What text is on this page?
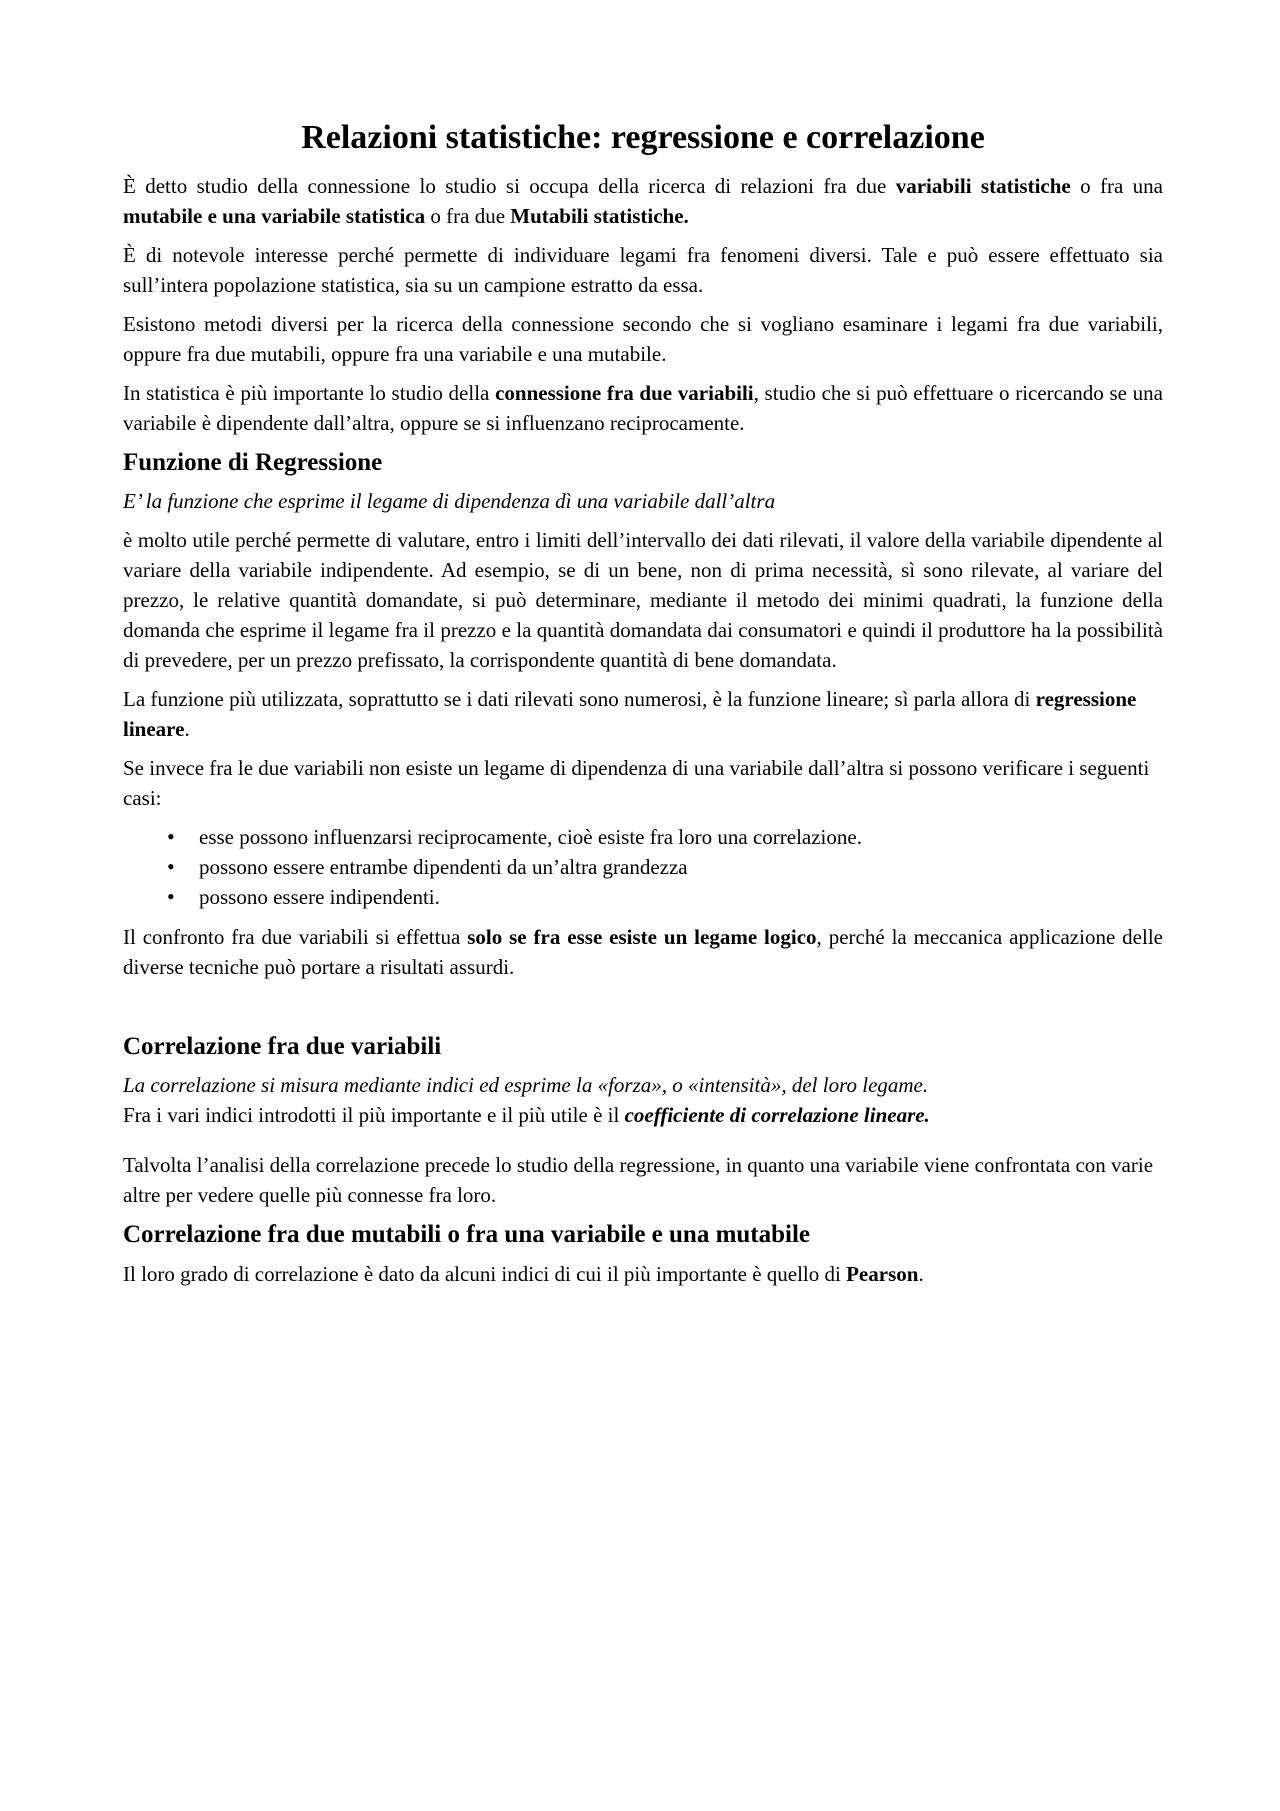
Relazioni statistiche: regressione e correlazione

È detto studio della connessione lo studio si occupa della ricerca di relazioni fra due variabili statistiche o fra una mutabile e una variabile statistica o fra due Mutabili statistiche.

È di notevole interesse perché permette di individuare legami fra fenomeni diversi. Tale e può essere effettuato sia sull’intera popolazione statistica, sia su un campione estratto da essa.

Esistono metodi diversi per la ricerca della connessione secondo che si vogliano esaminare i legami fra due variabili, oppure fra due mutabili, oppure fra una variabile e una mutabile.

In statistica è più importante lo studio della connessione fra due variabili, studio che si può effettuare o ricercando se una variabile è dipendente dall’altra, oppure se si influenzano reciprocamente.

Funzione di Regressione

E’ la funzione che esprime il legame di dipendenza dì una variabile dall’altra

è molto utile perché permette di valutare, entro i limiti dell’intervallo dei dati rilevati, il valore della variabile dipendente al variare della variabile indipendente. Ad esempio, se di un bene, non di prima necessità, sì sono rilevate, al variare del prezzo, le relative quantità domandate, si può determinare, mediante il metodo dei minimi quadrati, la funzione della domanda che esprime il legame fra il prezzo e la quantità domandata dai consumatori e quindi il produttore ha la possibilità di prevedere, per un prezzo prefissato, la corrispondente quantità di bene domandata.

La funzione più utilizzata, soprattutto se i dati rilevati sono numerosi, è la funzione lineare; sì parla allora di regressione lineare.

Se invece fra le due variabili non esiste un legame di dipendenza di una variabile dall’altra si possono verificare i seguenti casi:

• esse possono influenzarsi reciprocamente, cioè esiste fra loro una correlazione.
• possono essere entrambe dipendenti da un’altra grandezza
• possono essere indipendenti.

Il confronto fra due variabili si effettua solo se fra esse esiste un legame logico, perché la meccanica applicazione delle diverse tecniche può portare a risultati assurdi.

Correlazione fra due variabili

La correlazione si misura mediante indici ed esprime la «forza», o «intensità», del loro legame.
Fra i vari indici introdotti il più importante e il più utile è il coefficiente di correlazione lineare.

Talvolta l’analisi della correlazione precede lo studio della regressione, in quanto una variabile viene confrontata con varie altre per vedere quelle più connesse fra loro.

Correlazione fra due mutabili o fra una variabile e una mutabile

Il loro grado di correlazione è dato da alcuni indici di cui il più importante è quello di Pearson.
